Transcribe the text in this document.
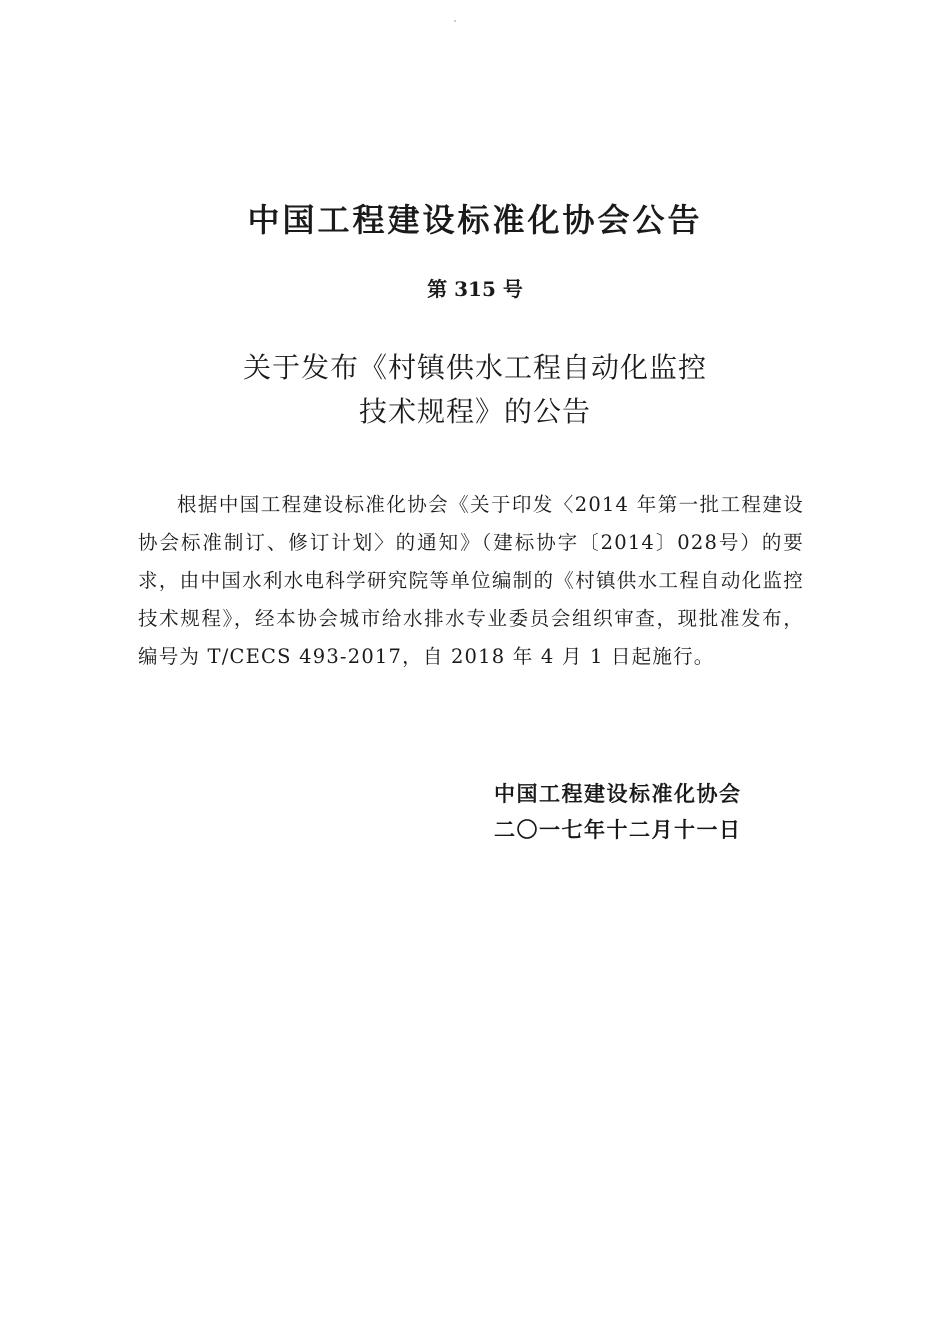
中国工程建设标准化协会公告
第 315 号
关于发布《村镇供水工程自动化监控
技术规程》的公告
根据中国工程建设标准化协会《关于印发〈2014 年第一批工程建设协会标准制订、修订计划〉的通知》（建标协字〔2014〕028号）的要求，由中国水利水电科学研究院等单位编制的《村镇供水工程自动化监控技术规程》，经本协会城市给水排水专业委员会组织审查，现批准发布，编号为 T/CECS 493-2017，自 2018 年 4 月 1 日起施行。
中国工程建设标准化协会
二〇一七年十二月十一日
